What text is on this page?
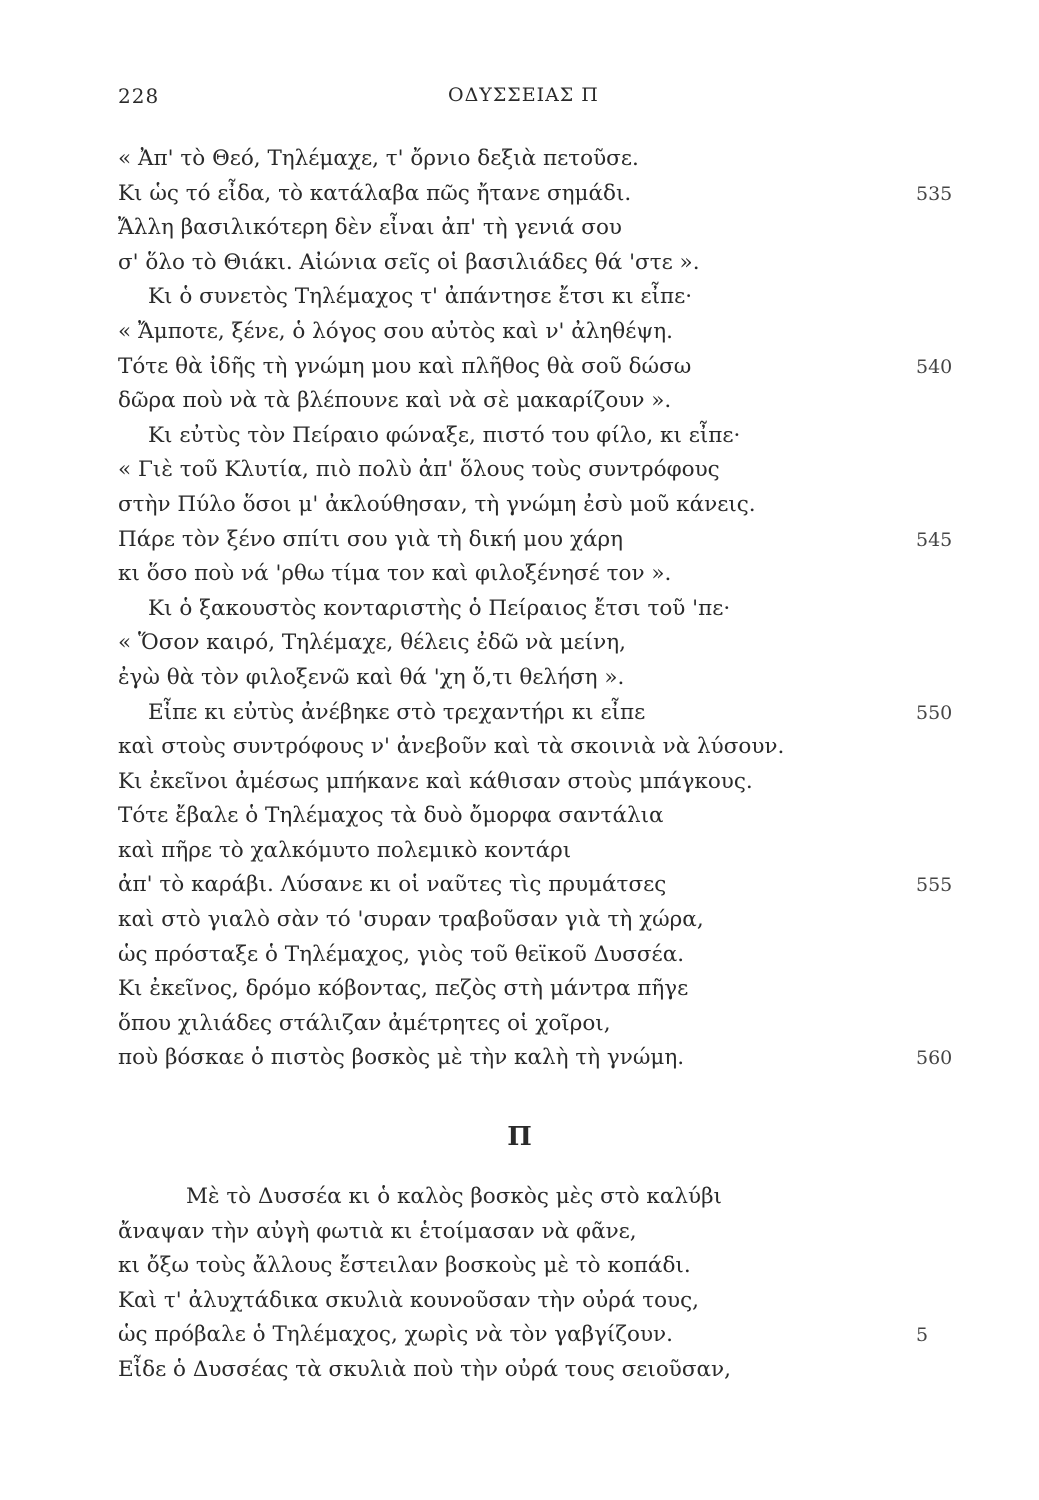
228	ΟΔΥΣΣΕΙΑΣ Π
« Ἀπ' τὸ Θεό, Τηλέμαχε, τ' ὄρνιο δεξιὰ πετοῦσε.
Κι ὡς τό εἶδα, τὸ κατάλαβα πῶς ἤτανε σημάδι.	535
Ἄλλη βασιλικότερη δὲν εἶναι ἀπ' τὴ γενιά σου
σ' ὅλο τὸ Θιάκι. Αἰώνια σεῖς οἱ βασιλιάδες θά 'στε ».
Κι ὁ συνετὸς Τηλέμαχος τ' ἀπάντησε ἔτσι κι εἶπε·
« Ἄμποτε, ξένε, ὁ λόγος σου αὐτὸς καὶ ν' ἀληθέψη.
Τότε θὰ ἰδῆς τὴ γνώμη μου καὶ πλῆθος θὰ σοῦ δώσω	540
δῶρα ποὺ νὰ τὰ βλέπουνε καὶ νὰ σὲ μακαρίζουν ».
Κι εὐτὺς τὸν Πείραιο φώναξε, πιστό του φίλο, κι εἶπε·
« Γιὲ τοῦ Κλυτία, πιὸ πολὺ ἀπ' ὅλους τοὺς συντρόφους
στὴν Πύλο ὅσοι μ' ἀκλούθησαν, τὴ γνώμη ἐσὺ μοῦ κάνεις.
Πάρε τὸν ξένο σπίτι σου γιὰ τὴ δική μου χάρη	545
κι ὅσο ποὺ νά 'ρθω τίμα τον καὶ φιλοξένησέ τον ».
Κι ὁ ξακουστὸς κονταριστὴς ὁ Πείραιος ἔτσι τοῦ 'πε·
« Ὅσον καιρό, Τηλέμαχε, θέλεις ἐδῶ νὰ μείνη,
ἐγὼ θὰ τὸν φιλοξενῶ καὶ θά 'χη ὅ,τι θελήση ».
Εἶπε κι εὐτὺς ἀνέβηκε στὸ τρεχαντήρι κι εἶπε	550
καὶ στοὺς συντρόφους ν' ἀνεβοῦν καὶ τὰ σκοινιὰ νὰ λύσουν.
Κι ἐκεῖνοι ἀμέσως μπήκανε καὶ κάθισαν στοὺς μπάγκους.
Τότε ἔβαλε ὁ Τηλέμαχος τὰ δυὸ ὄμορφα σαντάλια
καὶ πῆρε τὸ χαλκόμυτο πολεμικὸ κοντάρι
ἀπ' τὸ καράβι. Λύσανε κι οἱ ναῦτες τὶς πρυμάτσες	555
καὶ στὸ γιαλὸ σὰν τό 'συραν τραβοῦσαν γιὰ τὴ χώρα,
ὡς πρόσταξε ὁ Τηλέμαχος, γιὸς τοῦ θεϊκοῦ Δυσσέα.
Κι ἐκεῖνος, δρόμο κόβοντας, πεζὸς στὴ μάντρα πῆγε
ὅπου χιλιάδες στάλιζαν ἀμέτρητες οἱ χοῖροι,
ποὺ βόσκαε ὁ πιστὸς βοσκὸς μὲ τὴν καλὴ τὴ γνώμη.	560
Π
Μὲ τὸ Δυσσέα κι ὁ καλὸς βοσκὸς μὲς στὸ καλύβι
ἄναψαν τὴν αὐγὴ φωτιὰ κι ἑτοίμασαν νὰ φᾶνε,
κι ὄξω τοὺς ἄλλους ἔστειλαν βοσκοὺς μὲ τὸ κοπάδι.
Καὶ τ' ἀλυχτάδικα σκυλιὰ κουνοῦσαν τὴν οὐρά τους,
ὡς πρόβαλε ὁ Τηλέμαχος, χωρὶς νὰ τὸν γαβγίζουν.	5
Εἶδε ὁ Δυσσέας τὰ σκυλιὰ ποὺ τὴν οὐρά τους σειοῦσαν,
